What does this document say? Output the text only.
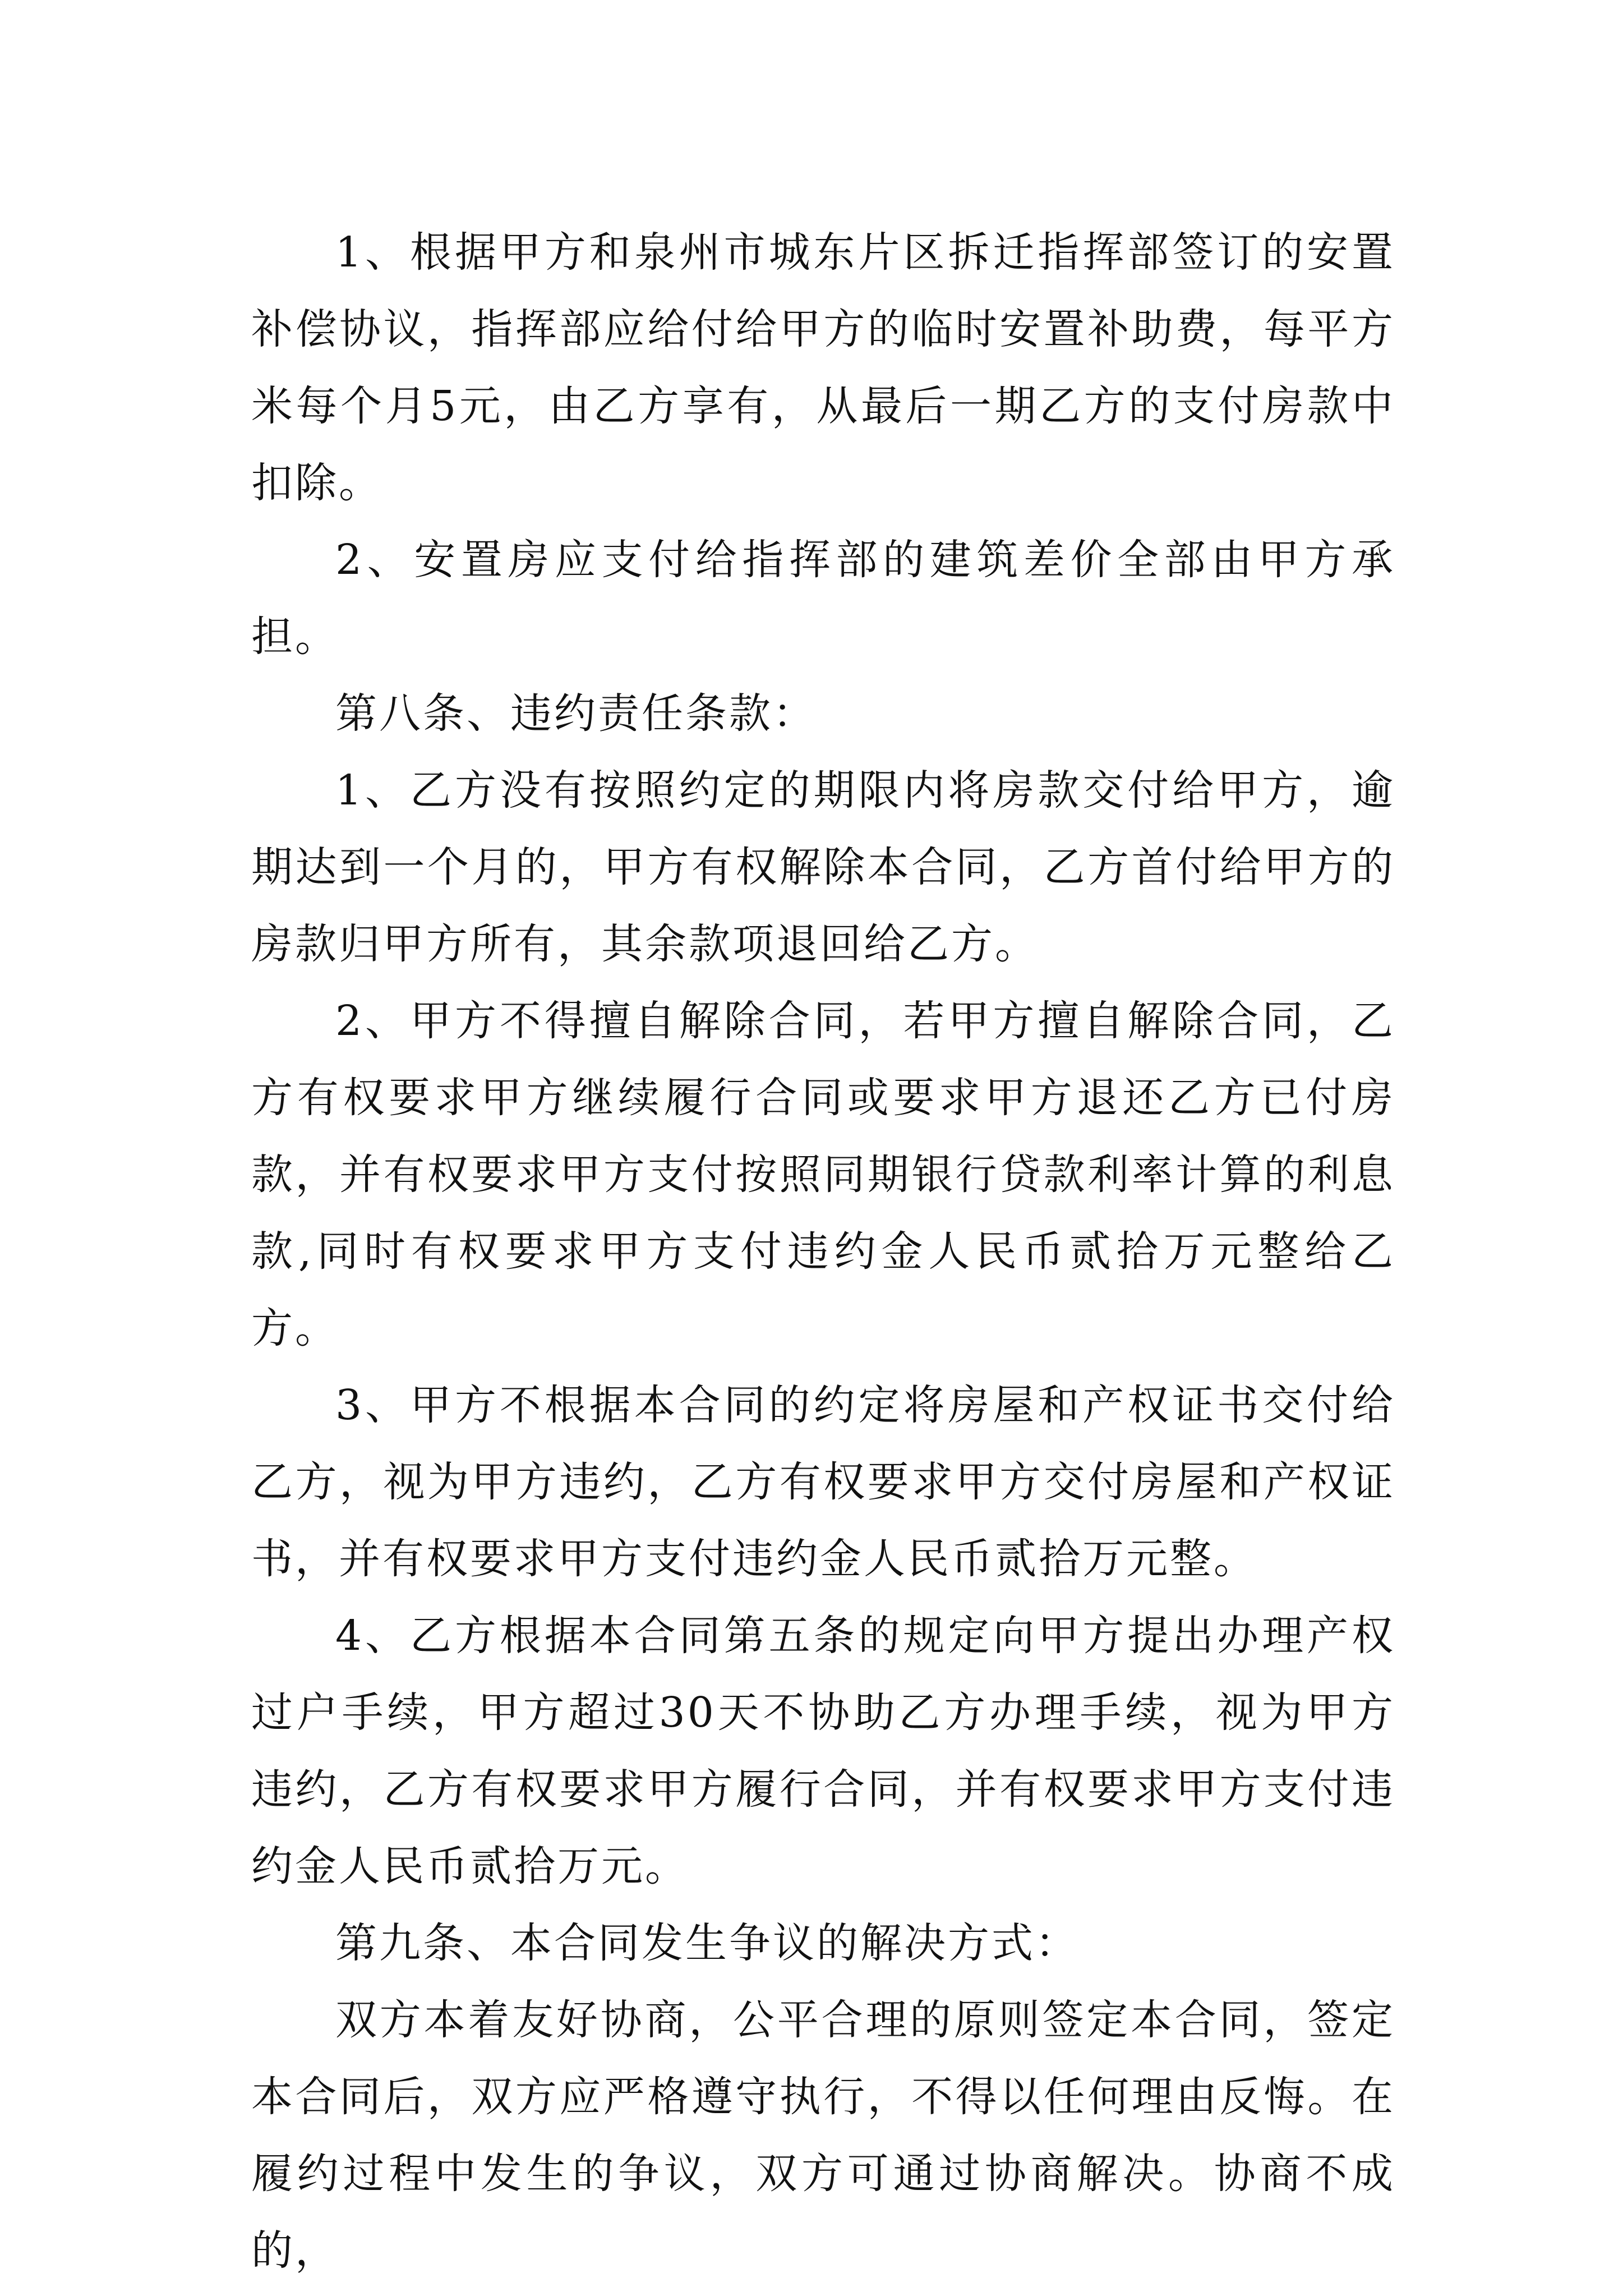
1、根据甲方和泉州市城东片区拆迁指挥部签订的安置补偿协议，指挥部应给付给甲方的临时安置补助费，每平方米每个月5元，由乙方享有，从最后一期乙方的支付房款中扣除。

2、安置房应支付给指挥部的建筑差价全部由甲方承担。

第八条、违约责任条款：

1、乙方没有按照约定的期限内将房款交付给甲方，逾期达到一个月的，甲方有权解除本合同，乙方首付给甲方的房款归甲方所有，其余款项退回给乙方。

2、甲方不得擅自解除合同，若甲方擅自解除合同，乙方有权要求甲方继续履行合同或要求甲方退还乙方已付房款，并有权要求甲方支付按照同期银行贷款利率计算的利息款,同时有权要求甲方支付违约金人民币贰拾万元整给乙方。

3、甲方不根据本合同的约定将房屋和产权证书交付给乙方，视为甲方违约，乙方有权要求甲方交付房屋和产权证书，并有权要求甲方支付违约金人民币贰拾万元整。

4、乙方根据本合同第五条的规定向甲方提出办理产权过户手续，甲方超过30天不协助乙方办理手续，视为甲方违约，乙方有权要求甲方履行合同，并有权要求甲方支付违约金人民币贰拾万元。

第九条、本合同发生争议的解决方式：

双方本着友好协商，公平合理的原则签定本合同，签定本合同后，双方应严格遵守执行，不得以任何理由反悔。在履约过程中发生的争议，双方可通过协商解决。协商不成的，
